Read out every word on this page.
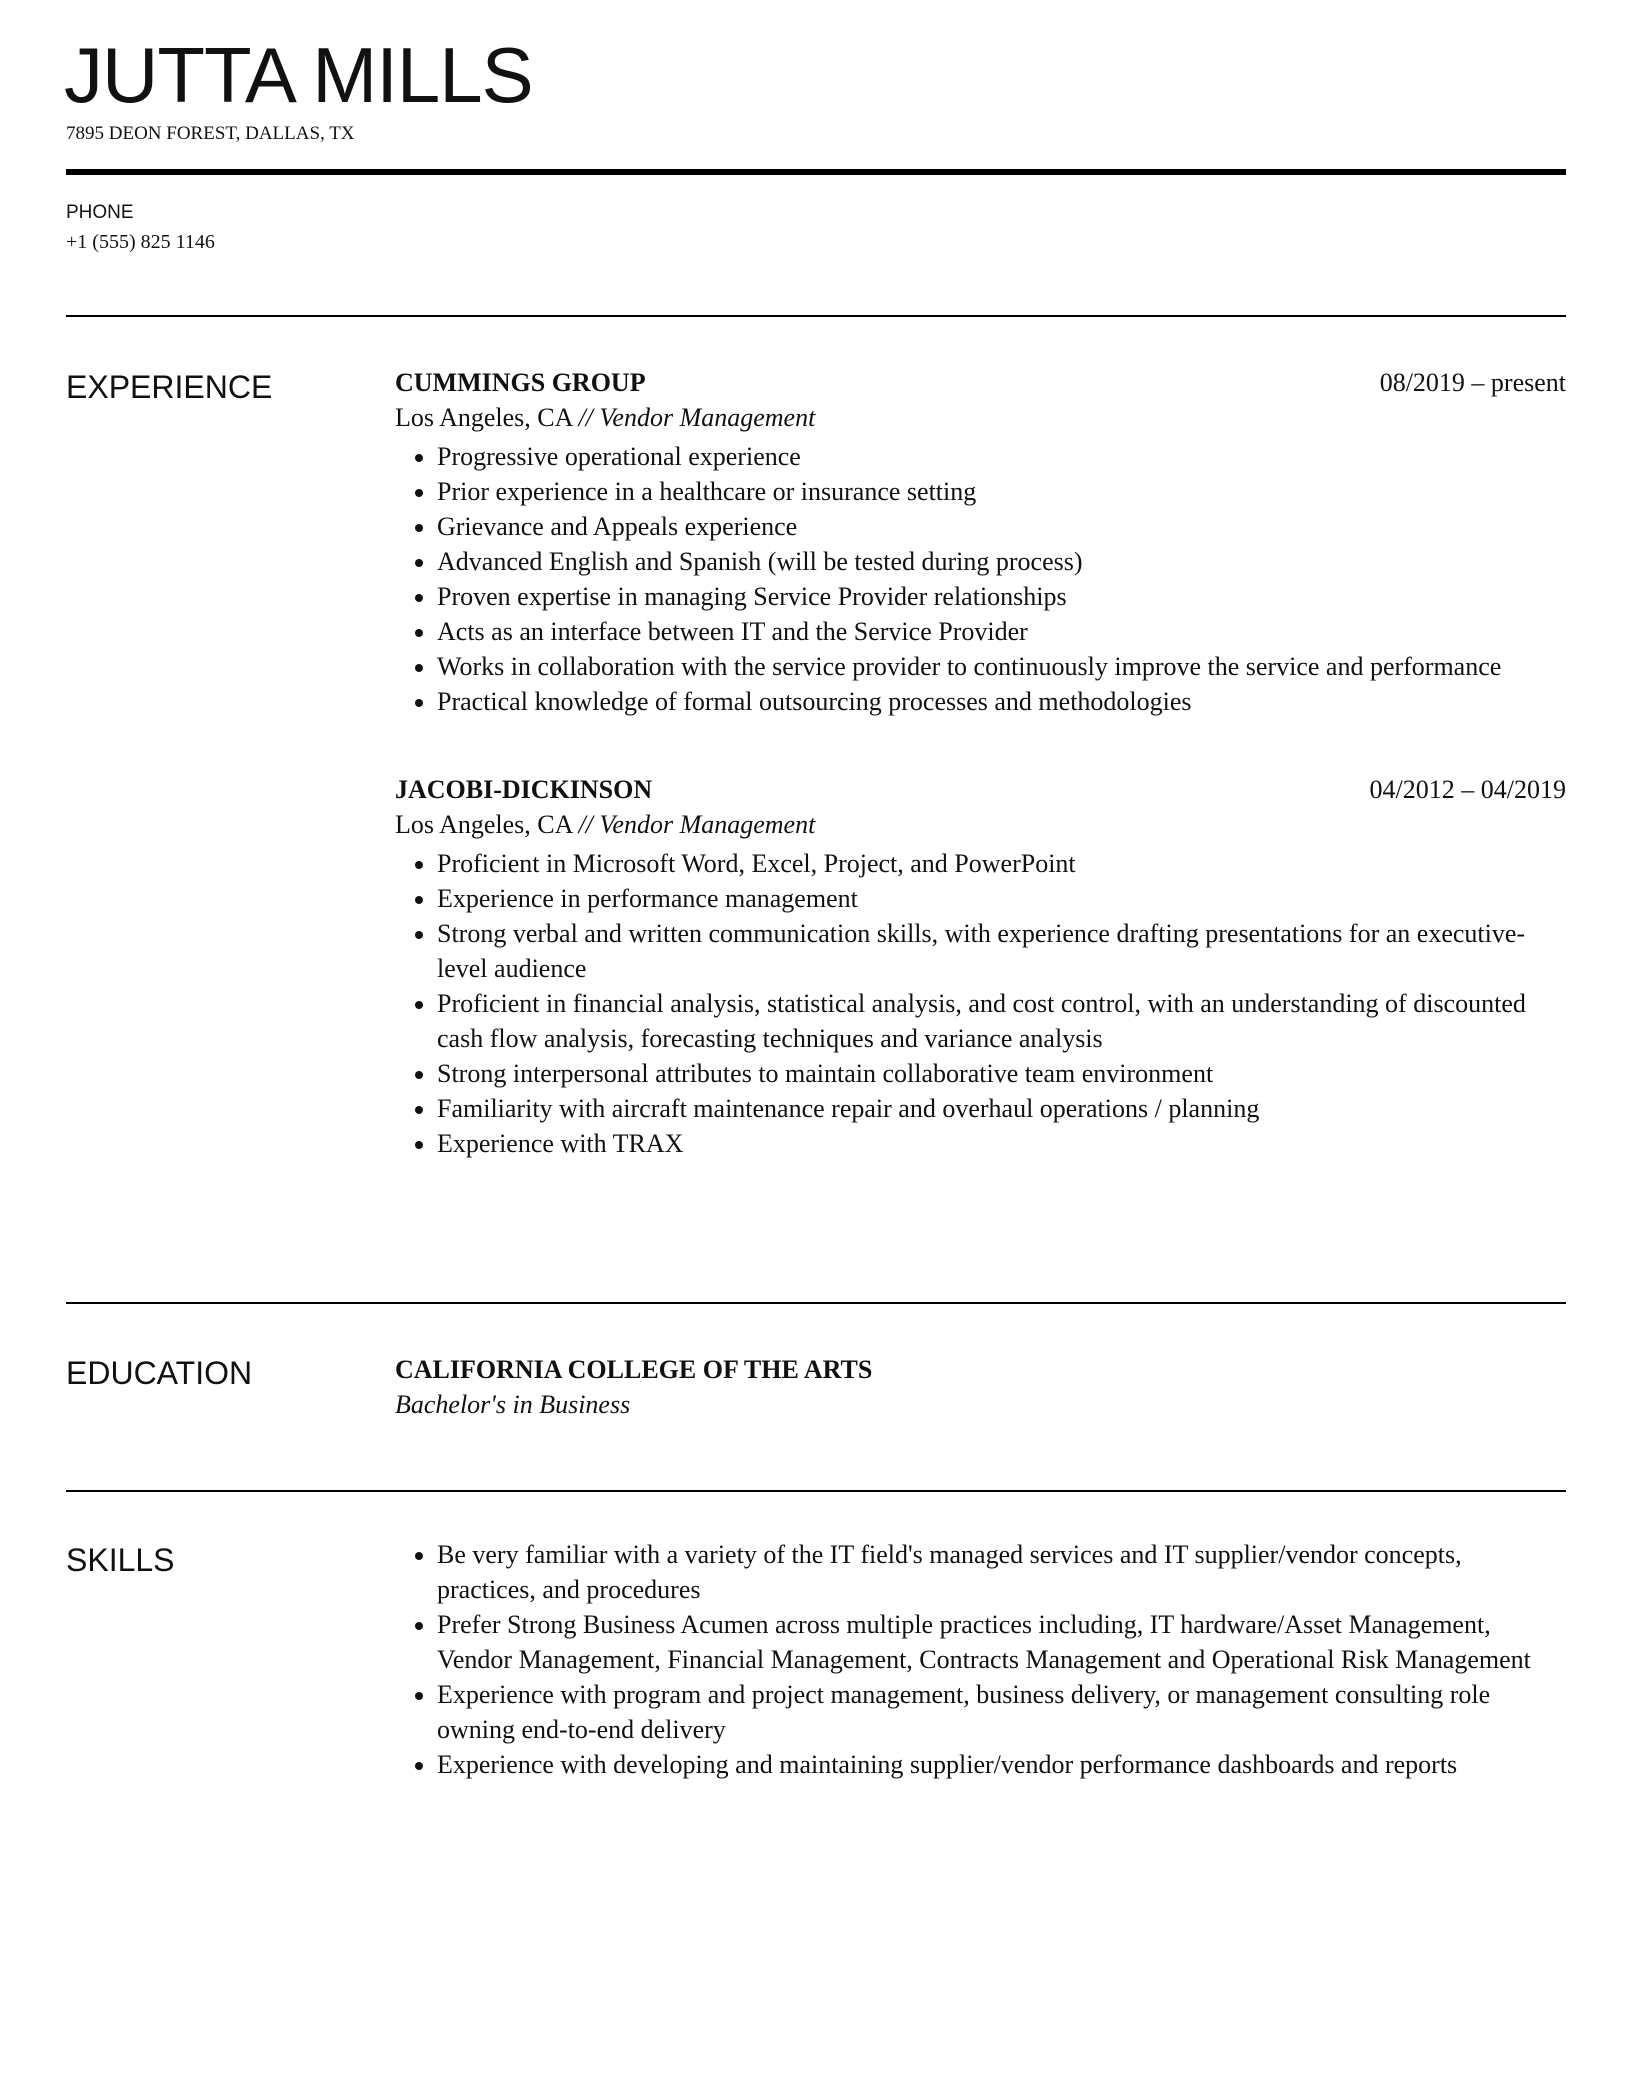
JUTTA MILLS
7895 DEON FOREST, DALLAS, TX
PHONE
+1 (555) 825 1146
EXPERIENCE	CUMMINGS GROUP	08/2019 – present
Los Angeles, CA // Vendor Management
• Progressive operational experience
• Prior experience in a healthcare or insurance setting
• Grievance and Appeals experience
• Advanced English and Spanish (will be tested during process)
• Proven expertise in managing Service Provider relationships
• Acts as an interface between IT and the Service Provider
• Works in collaboration with the service provider to continuously improve the service and performance
• Practical knowledge of formal outsourcing processes and methodologies
JACOBI-DICKINSON	04/2012 – 04/2019
Los Angeles, CA // Vendor Management
• Proficient in Microsoft Word, Excel, Project, and PowerPoint
• Experience in performance management
• Strong verbal and written communication skills, with experience drafting presentations for an executive-level audience
• Proficient in financial analysis, statistical analysis, and cost control, with an understanding of discounted cash flow analysis, forecasting techniques and variance analysis
• Strong interpersonal attributes to maintain collaborative team environment
• Familiarity with aircraft maintenance repair and overhaul operations / planning
• Experience with TRAX
EDUCATION	CALIFORNIA COLLEGE OF THE ARTS
Bachelor's in Business
SKILLS	• Be very familiar with a variety of the IT field's managed services and IT supplier/vendor concepts, practices, and procedures
• Prefer Strong Business Acumen across multiple practices including, IT hardware/Asset Management, Vendor Management, Financial Management, Contracts Management and Operational Risk Management
• Experience with program and project management, business delivery, or management consulting role owning end-to-end delivery
• Experience with developing and maintaining supplier/vendor performance dashboards and reports
